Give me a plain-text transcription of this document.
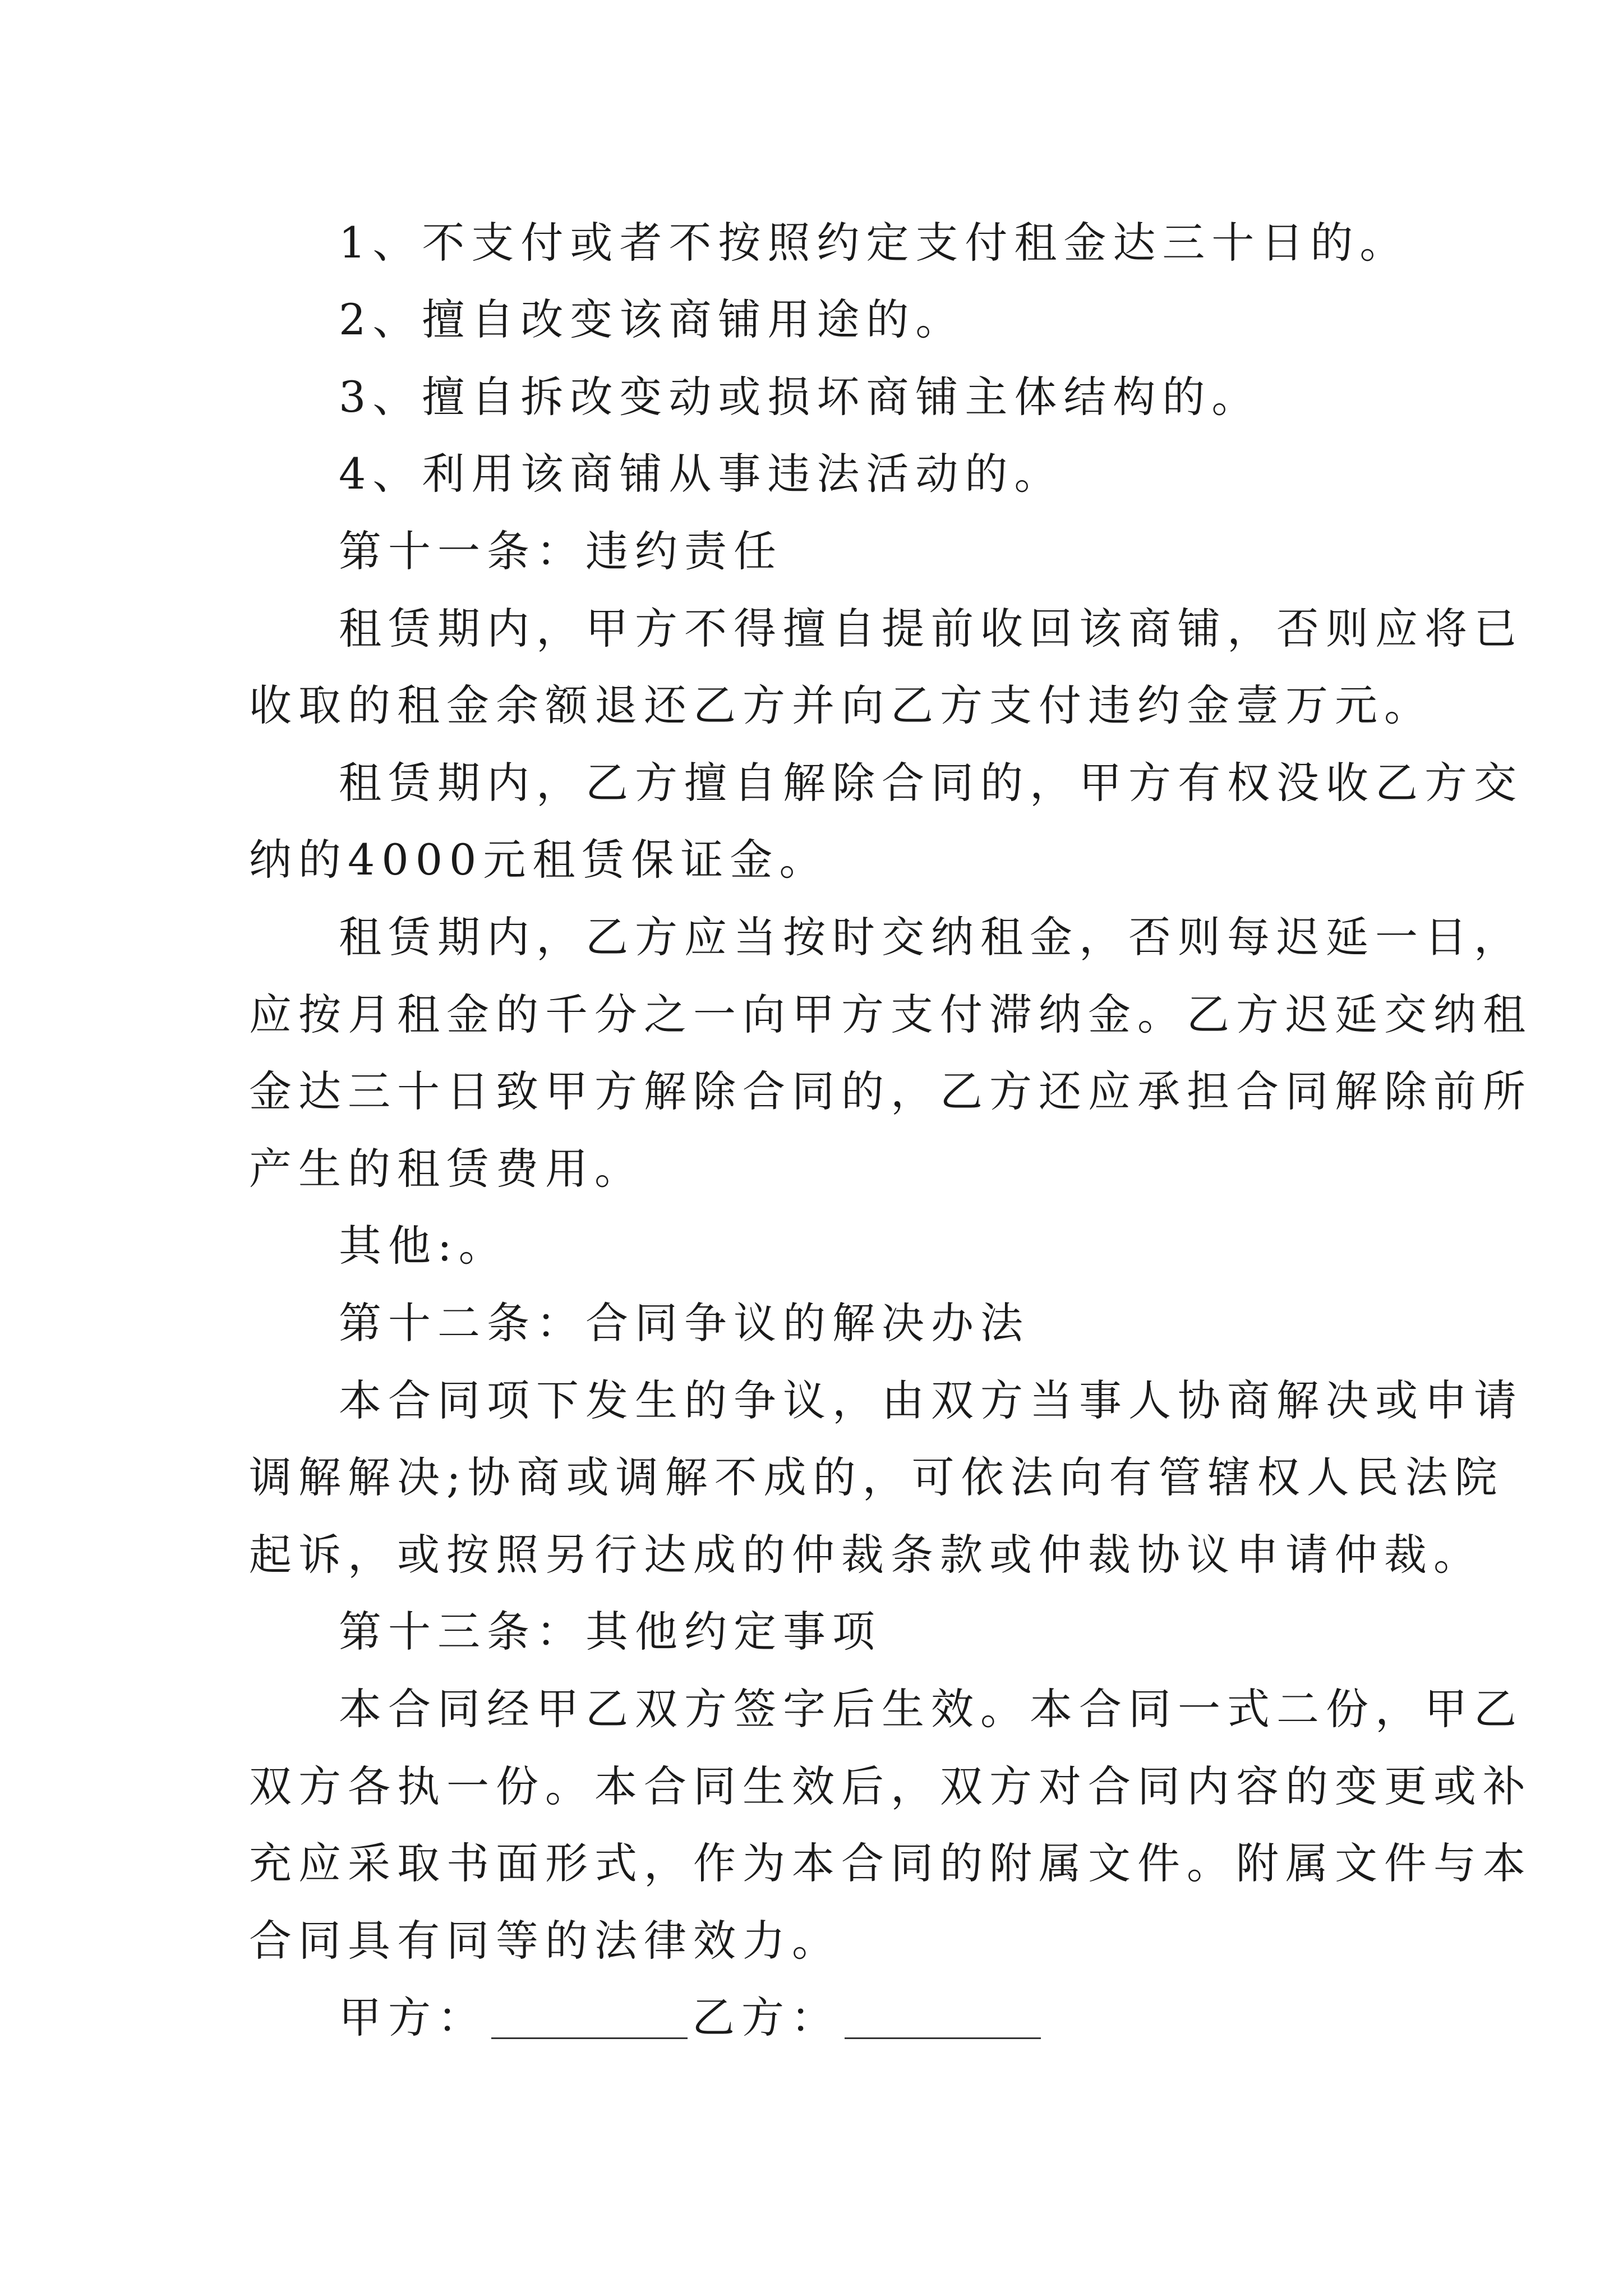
1、不支付或者不按照约定支付租金达三十日的。
2、擅自改变该商铺用途的。
3、擅自拆改变动或损坏商铺主体结构的。
4、利用该商铺从事违法活动的。
第十一条：违约责任
租赁期内，甲方不得擅自提前收回该商铺，否则应将已
收取的租金余额退还乙方并向乙方支付违约金壹万元。
租赁期内，乙方擅自解除合同的，甲方有权没收乙方交
纳的4000元租赁保证金。
租赁期内，乙方应当按时交纳租金，否则每迟延一日，
应按月租金的千分之一向甲方支付滞纳金。乙方迟延交纳租
金达三十日致甲方解除合同的，乙方还应承担合同解除前所
产生的租赁费用。
其他:。
第十二条：合同争议的解决办法
本合同项下发生的争议，由双方当事人协商解决或申请
调解解决;协商或调解不成的，可依法向有管辖权人民法院
起诉，或按照另行达成的仲裁条款或仲裁协议申请仲裁。
第十三条：其他约定事项
本合同经甲乙双方签字后生效。本合同一式二份，甲乙
双方各执一份。本合同生效后，双方对合同内容的变更或补
充应采取书面形式，作为本合同的附属文件。附属文件与本
合同具有同等的法律效力。
甲方：	乙方：
